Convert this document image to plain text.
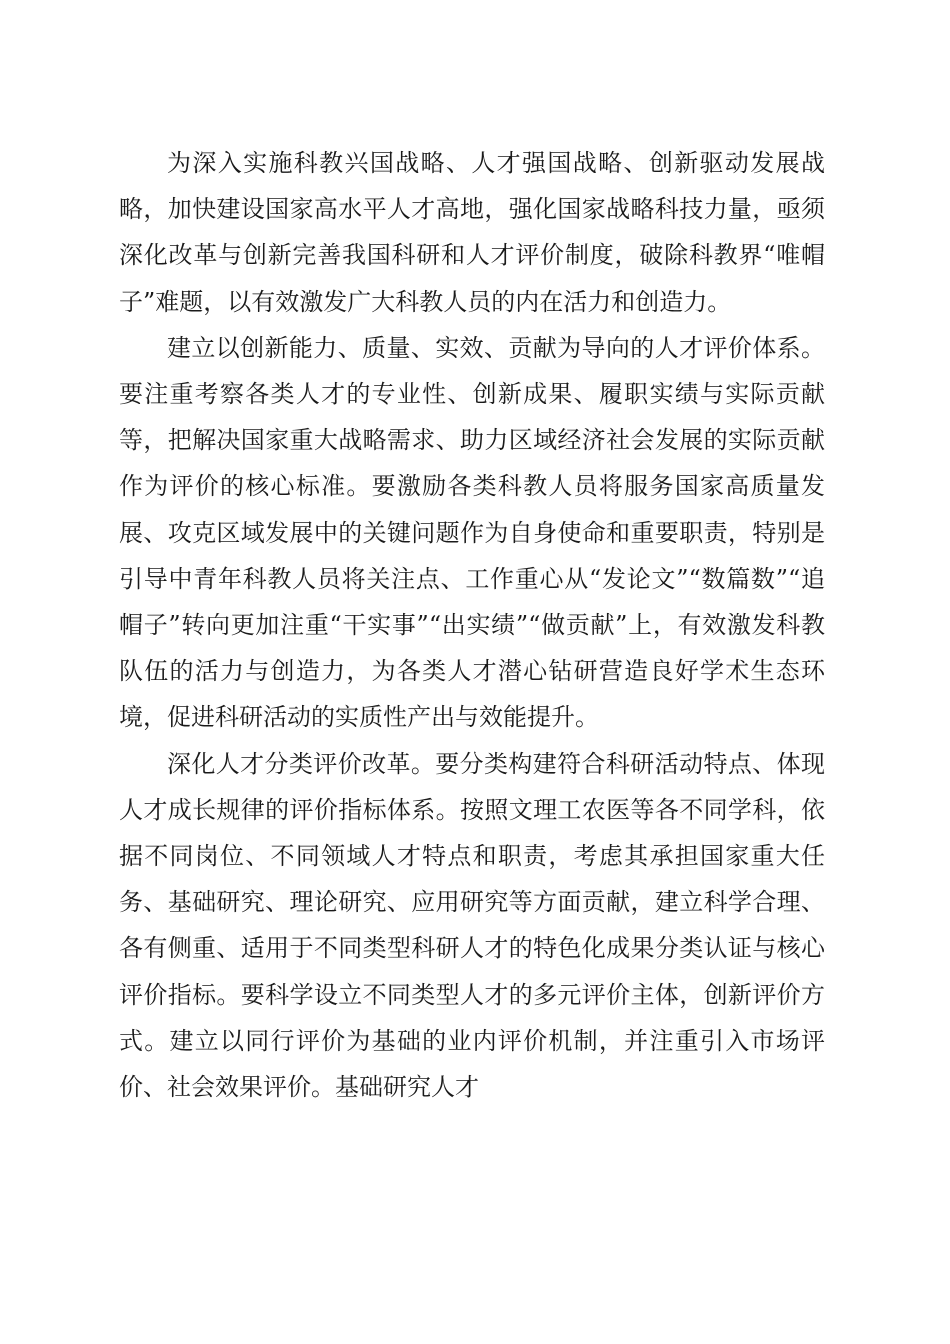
为深入实施科教兴国战略、人才强国战略、创新驱动发展战略，加快建设国家高水平人才高地，强化国家战略科技力量，亟须深化改革与创新完善我国科研和人才评价制度，破除科教界“唯帽子”难题，以有效激发广大科教人员的内在活力和创造力。

建立以创新能力、质量、实效、贡献为导向的人才评价体系。要注重考察各类人才的专业性、创新成果、履职实绩与实际贡献等，把解决国家重大战略需求、助力区域经济社会发展的实际贡献作为评价的核心标准。要激励各类科教人员将服务国家高质量发展、攻克区域发展中的关键问题作为自身使命和重要职责，特别是引导中青年科教人员将关注点、工作重心从“发论文”“数篇数”“追帽子”转向更加注重“干实事”“出实绩”“做贡献”上，有效激发科教队伍的活力与创造力，为各类人才潜心钻研营造良好学术生态环境，促进科研活动的实质性产出与效能提升。

深化人才分类评价改革。要分类构建符合科研活动特点、体现人才成长规律的评价指标体系。按照文理工农医等各不同学科，依据不同岗位、不同领域人才特点和职责，考虑其承担国家重大任务、基础研究、理论研究、应用研究等方面贡献，建立科学合理、各有侧重、适用于不同类型科研人才的特色化成果分类认证与核心评价指标。要科学设立不同类型人才的多元评价主体，创新评价方式。建立以同行评价为基础的业内评价机制，并注重引入市场评价、社会效果评价。基础研究人才
